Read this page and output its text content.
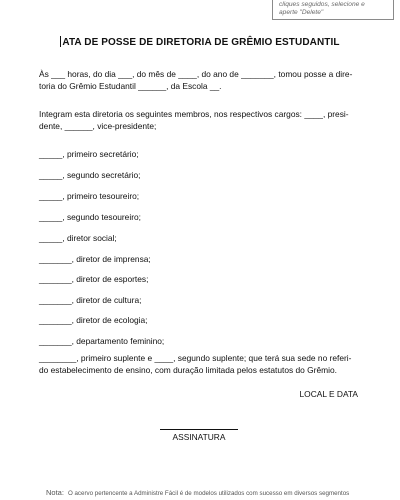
cliques seguidos, selecione e
aperte "Delete"
ATA DE POSSE DE DIRETORIA DE GRÊMIO ESTUDANTIL
Às ___ horas, do dia ___, do mês de ____, do ano de _______, tomou posse a dire-
toria do Grêmio Estudantil ______, da Escola __.
Integram esta diretoria os seguintes membros, nos respectivos cargos: ____, presi-
dente, ______, vice-presidente;
_____, primeiro secretário;
_____, segundo secretário;
_____, primeiro tesoureiro;
_____, segundo tesoureiro;
_____, diretor social;
_______, diretor de imprensa;
_______, diretor de esportes;
_______, diretor de cultura;
_______, diretor de ecologia;
_______, departamento feminino;
________, primeiro suplente e ____, segundo suplente; que terá sua sede no referi-
do estabelecimento de ensino, com duração limitada pelos estatutos do Grêmio.
LOCAL E DATA
ASSINATURA
Nota: O acervo pertencente a Administre Fácil é de modelos utilizados com sucesso em diversos segmentos
